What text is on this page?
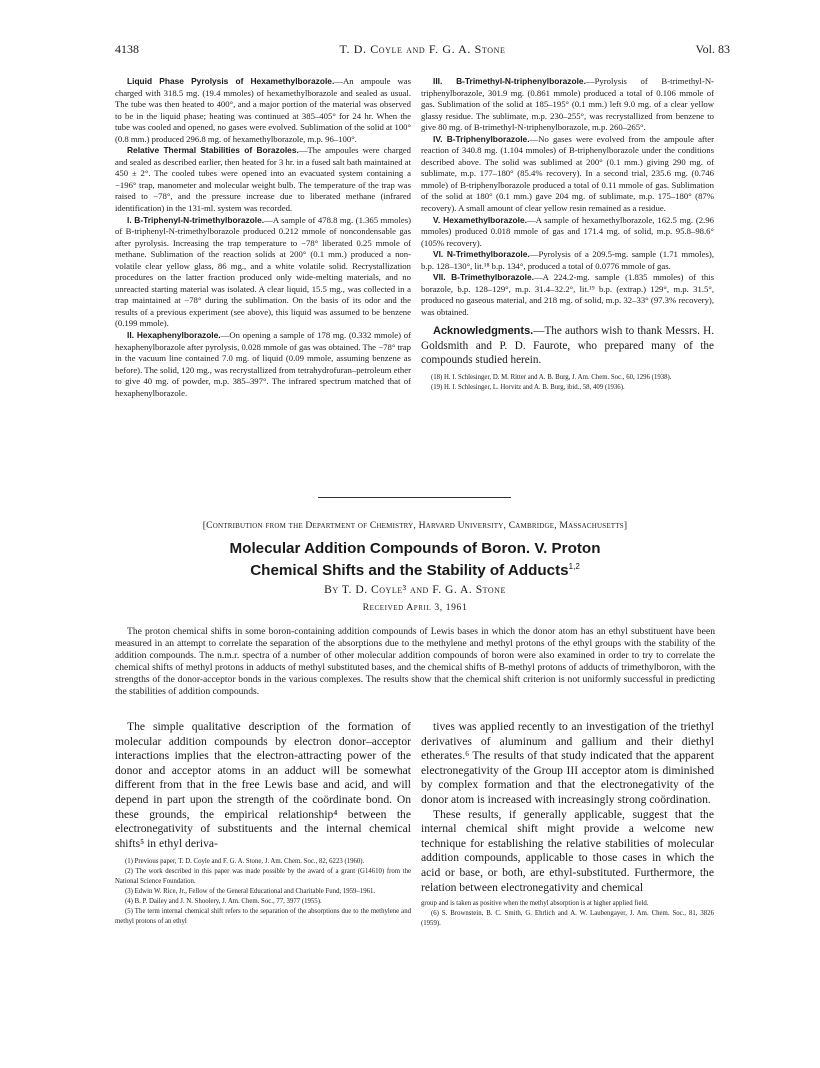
4138	T. D. Coyle and F. G. A. Stone	Vol. 83

Liquid Phase Pyrolysis of Hexamethylborazole.—An ampoule was charged with 318.5 mg. (19.4 mmoles) of hexamethylborazole and sealed as usual. The tube was then heated to 400°, and a major portion of the material was observed to be in the liquid phase; heating was continued at 385–405° for 24 hr. When the tube was cooled and opened, no gases were evolved. Sublimation of the solid at 100° (0.8 mm.) produced 296.8 mg. of hexamethylborazole, m.p. 96–100°.

Relative Thermal Stabilities of Borazoles.—The ampoules were charged and sealed as described earlier, then heated for 3 hr. in a fused salt bath maintained at 450 ± 2°. The cooled tubes were opened into an evacuated system containing a −196° trap, manometer and molecular weight bulb. The temperature of the trap was raised to −78°, and the pressure increase due to liberated methane (infrared identification) in the 131-ml. system was recorded.

I. B-Triphenyl-N-trimethylborazole.—A sample of 478.8 mg. (1.365 mmoles) of B-triphenyl-N-trimethylborazole produced 0.212 mmole of noncondensable gas after pyrolysis. Increasing the trap temperature to −78° liberated 0.25 mmole of methane. Sublimation of the reaction solids at 200° (0.1 mm.) produced a non-volatile clear yellow glass, 86 mg., and a white volatile solid. Recrystallization procedures on the latter fraction produced only wide-melting materials, and no unreacted starting material was isolated. A clear liquid, 15.5 mg., was collected in a trap maintained at −78° during the sublimation. On the basis of its odor and the results of a previous experiment (see above), this liquid was assumed to be benzene (0.199 mmole).

II. Hexaphenylborazole.—On opening a sample of 178 mg. (0.332 mmole) of hexaphenylborazole after pyrolysis, 0.028 mmole of gas was obtained. The −78° trap in the vacuum line contained 7.0 mg. of liquid (0.09 mmole, assuming benzene as before). The solid, 120 mg., was recrystallized from tetrahydrofuran–petroleum ether to give 40 mg. of powder, m.p. 385–397°. The infrared spectrum matched that of hexaphenylborazole.

III. B-Trimethyl-N-triphenylborazole.—Pyrolysis of B-trimethyl-N-triphenylborazole, 301.9 mg. (0.861 mmole) produced a total of 0.106 mmole of gas. Sublimation of the solid at 185–195° (0.1 mm.) left 9.0 mg. of a clear yellow glassy residue. The sublimate, m.p. 230–255°, was recrystallized from benzene to give 80 mg. of B-trimethyl-N-triphenylborazole, m.p. 260–265°.

IV. B-Triphenylborazole.—No gases were evolved from the ampoule after reaction of 340.8 mg. (1.104 mmoles) of B-triphenylborazole under the conditions described above. The solid was sublimed at 200° (0.1 mm.) giving 290 mg. of sublimate, m.p. 177–180° (85.4% recovery). In a second trial, 235.6 mg. (0.746 mmole) of B-triphenylborazole produced a total of 0.11 mmole of gas. Sublimation of the solid at 180° (0.1 mm.) gave 204 mg. of sublimate, m.p. 175–180° (87% recovery). A small amount of clear yellow resin remained as a residue.

V. Hexamethylborazole.—A sample of hexamethylborazole, 162.5 mg. (2.96 mmoles) produced 0.018 mmole of gas and 171.4 mg. of solid, m.p. 95.8–98.6° (105% recovery).

VI. N-Trimethylborazole.—Pyrolysis of a 209.5-mg. sample (1.71 mmoles), b.p. 128–130°, lit.¹⁸ b.p. 134°, produced a total of 0.0776 mmole of gas.

VII. B-Trimethylborazole.—A 224.2-mg. sample (1.835 mmoles) of this borazole, b.p. 128–129°, m.p. 31.4–32.2°, lit.¹⁹ b.p. (extrap.) 129°, m.p. 31.5°, produced no gaseous material, and 218 mg. of solid, m.p. 32–33° (97.3% recovery), was obtained.

Acknowledgments.—The authors wish to thank Messrs. H. Goldsmith and P. D. Faurote, who prepared many of the compounds studied herein.

(18) H. I. Schlesinger, D. M. Ritter and A. B. Burg, J. Am. Chem. Soc., 60, 1296 (1938).
(19) H. I. Schlesinger, L. Horvitz and A. B. Burg, ibid., 58, 409 (1936).
[Contribution from the Department of Chemistry, Harvard University, Cambridge, Massachusetts]
Molecular Addition Compounds of Boron. V. Proton
Chemical Shifts and the Stability of Adducts$^{1,2}$
By T. D. Coyle³ and F. G. A. Stone
Received April 3, 1961

The proton chemical shifts in some boron-containing addition compounds of Lewis bases in which the donor atom has an ethyl substituent have been measured in an attempt to correlate the separation of the absorptions due to the methylene and methyl protons of the ethyl groups with the stability of the addition compounds. The n.m.r. spectra of a number of other molecular addition compounds of boron were also examined in order to try to correlate the chemical shifts of methyl protons in adducts of methyl substituted bases, and the chemical shifts of B-methyl protons of adducts of trimethylboron, with the strengths of the donor-acceptor bonds in the various complexes. The results show that the chemical shift criterion is not uniformly successful in predicting the stabilities of addition compounds.

The simple qualitative description of the formation of molecular addition compounds by electron donor–acceptor interactions implies that the electron-attracting power of the donor and acceptor atoms in an adduct will be somewhat different from that in the free Lewis base and acid, and will depend in part upon the strength of the coördinate bond. On these grounds, the empirical relationship⁴ between the electronegativity of substituents and the internal chemical shifts⁵ in ethyl deriva-

(1) Previous paper, T. D. Coyle and F. G. A. Stone, J. Am. Chem. Soc., 82, 6223 (1960).
(2) The work described in this paper was made possible by the award of a grant (G14610) from the National Science Foundation.
(3) Edwin W. Rice, Jr., Fellow of the General Educational and Charitable Fund, 1959–1961.
(4) B. P. Dailey and J. N. Shoolery, J. Am. Chem. Soc., 77, 3977 (1955).
(5) The term internal chemical shift refers to the separation of the absorptions due to the methylene and methyl protons of an ethyl

tives was applied recently to an investigation of the triethyl derivatives of aluminum and gallium and their diethyl etherates.⁶ The results of that study indicated that the apparent electronegativity of the Group III acceptor atom is diminished by complex formation and that the electronegativity of the donor atom is increased with increasingly strong coördination.

These results, if generally applicable, suggest that the internal chemical shift might provide a welcome new technique for establishing the relative stabilities of molecular addition compounds, applicable to those cases in which the acid or base, or both, are ethyl-substituted. Furthermore, the relation between electronegativity and chemical

group and is taken as positive when the methyl absorption is at higher applied field.
(6) S. Brownstein, B. C. Smith, G. Ehrlich and A. W. Laubengayer, J. Am. Chem. Soc., 81, 3826 (1959).
